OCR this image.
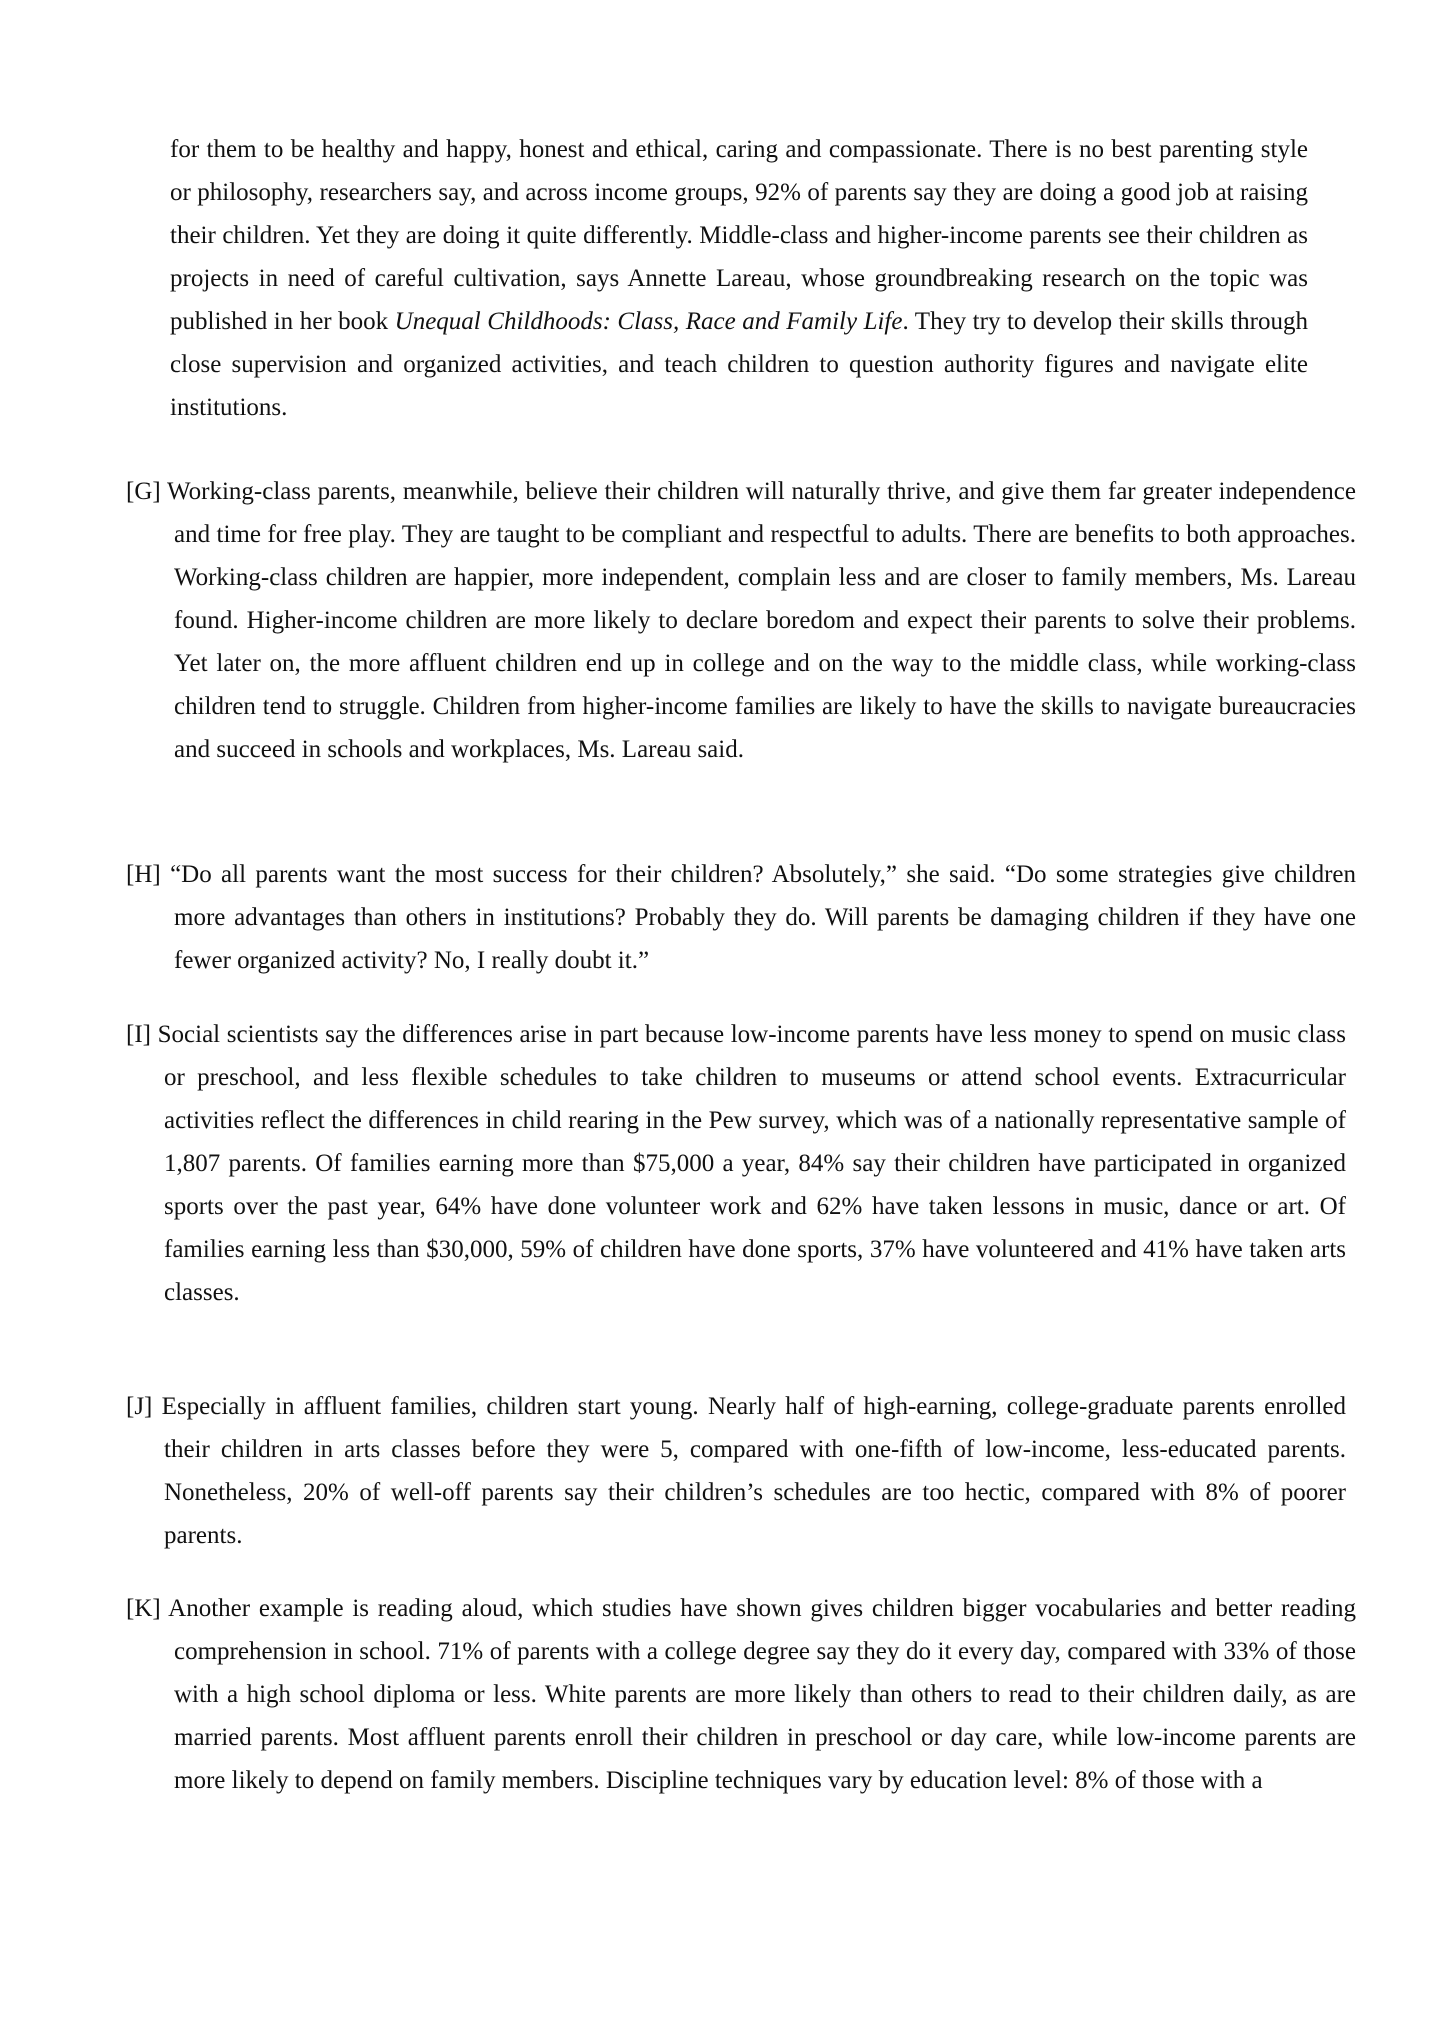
for them to be healthy and happy, honest and ethical, caring and compassionate. There is no best parenting style or philosophy, researchers say, and across income groups, 92% of parents say they are doing a good job at raising their children. Yet they are doing it quite differently. Middle-class and higher-income parents see their children as projects in need of careful cultivation, says Annette Lareau, whose groundbreaking research on the topic was published in her book Unequal Childhoods: Class, Race and Family Life. They try to develop their skills through close supervision and organized activities, and teach children to question authority figures and navigate elite institutions.

[G] Working-class parents, meanwhile, believe their children will naturally thrive, and give them far greater independence and time for free play. They are taught to be compliant and respectful to adults. There are benefits to both approaches. Working-class children are happier, more independent, complain less and are closer to family members, Ms. Lareau found. Higher-income children are more likely to declare boredom and expect their parents to solve their problems. Yet later on, the more affluent children end up in college and on the way to the middle class, while working-class children tend to struggle. Children from higher-income families are likely to have the skills to navigate bureaucracies and succeed in schools and workplaces, Ms. Lareau said.

[H] “Do all parents want the most success for their children? Absolutely,” she said. “Do some strategies give children more advantages than others in institutions? Probably they do. Will parents be damaging children if they have one fewer organized activity? No, I really doubt it.”

[I] Social scientists say the differences arise in part because low-income parents have less money to spend on music class or preschool, and less flexible schedules to take children to museums or attend school events. Extracurricular activities reflect the differences in child rearing in the Pew survey, which was of a nationally representative sample of 1,807 parents. Of families earning more than $75,000 a year, 84% say their children have participated in organized sports over the past year, 64% have done volunteer work and 62% have taken lessons in music, dance or art. Of families earning less than $30,000, 59% of children have done sports, 37% have volunteered and 41% have taken arts classes.

[J] Especially in affluent families, children start young. Nearly half of high-earning, college-graduate parents enrolled their children in arts classes before they were 5, compared with one-fifth of low-income, less-educated parents. Nonetheless, 20% of well-off parents say their children’s schedules are too hectic, compared with 8% of poorer parents.

[K] Another example is reading aloud, which studies have shown gives children bigger vocabularies and better reading comprehension in school. 71% of parents with a college degree say they do it every day, compared with 33% of those with a high school diploma or less. White parents are more likely than others to read to their children daily, as are married parents. Most affluent parents enroll their children in preschool or day care, while low-income parents are more likely to depend on family members. Discipline techniques vary by education level: 8% of those with a
